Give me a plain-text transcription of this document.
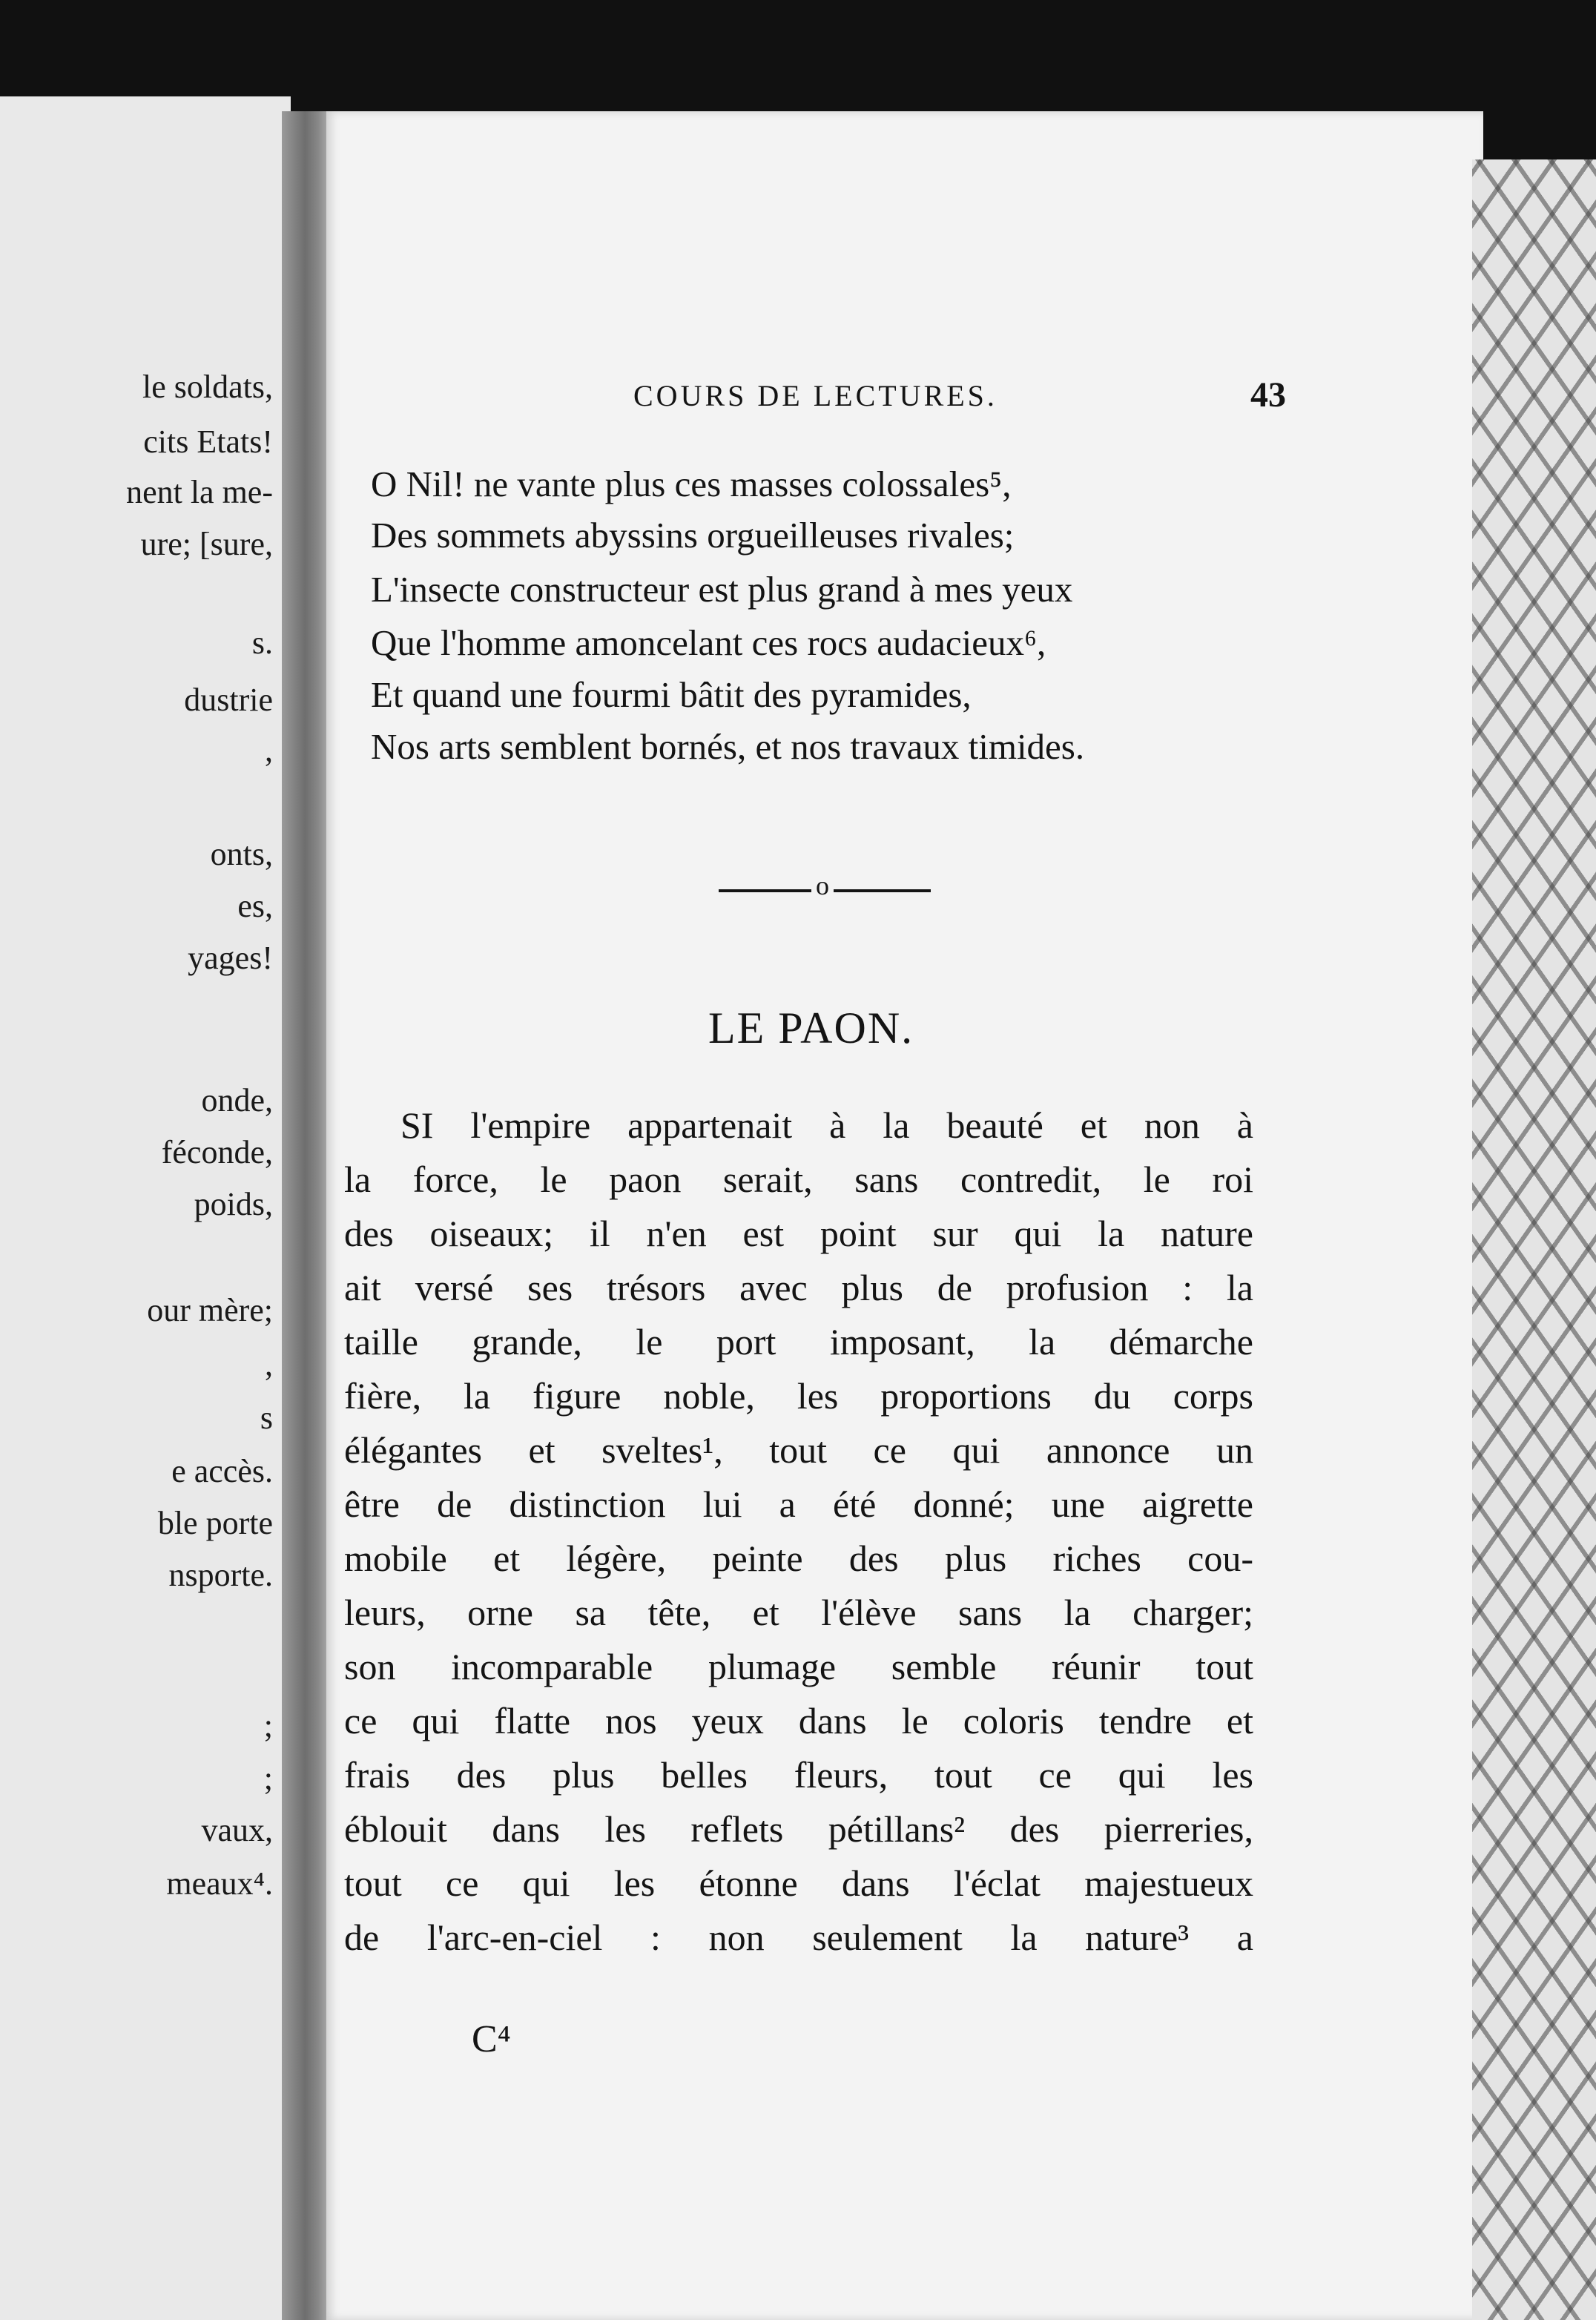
le soldats,
cits Etats!
nent la me-
ure; [sure,
s.
dustrie
,
onts,
es,
yages!
onde,
féconde,
poids,
our mère;
,
s
e accès.
ble porte
nsporte.
;
;
vaux,
meaux⁴.
COURS DE LECTURES.	43
O Nil! ne vante plus ces masses colossales⁵,
Des sommets abyssins orgueilleuses rivales;
L'insecte constructeur est plus grand à mes yeux
Que l'homme amoncelant ces rocs audacieux⁶,
Et quand une fourmi bâtit des pyramides,
Nos arts semblent bornés, et nos travaux timides.
o
LE PAON.
SI l'empire appartenait à la beauté et non à
la force, le paon serait, sans contredit, le roi
des oiseaux; il n'en est point sur qui la nature
ait versé ses trésors avec plus de profusion : la
taille grande, le port imposant, la démarche
fière, la figure noble, les proportions du corps
élégantes et sveltes¹, tout ce qui annonce un
être de distinction lui a été donné; une aigrette
mobile et légère, peinte des plus riches cou-
leurs, orne sa tête, et l'élève sans la charger;
son incomparable plumage semble réunir tout
ce qui flatte nos yeux dans le coloris tendre et
frais des plus belles fleurs, tout ce qui les
éblouit dans les reflets pétillans² des pierreries,
tout ce qui les étonne dans l'éclat majestueux
de l'arc-en-ciel : non seulement la nature³ a
C⁴
